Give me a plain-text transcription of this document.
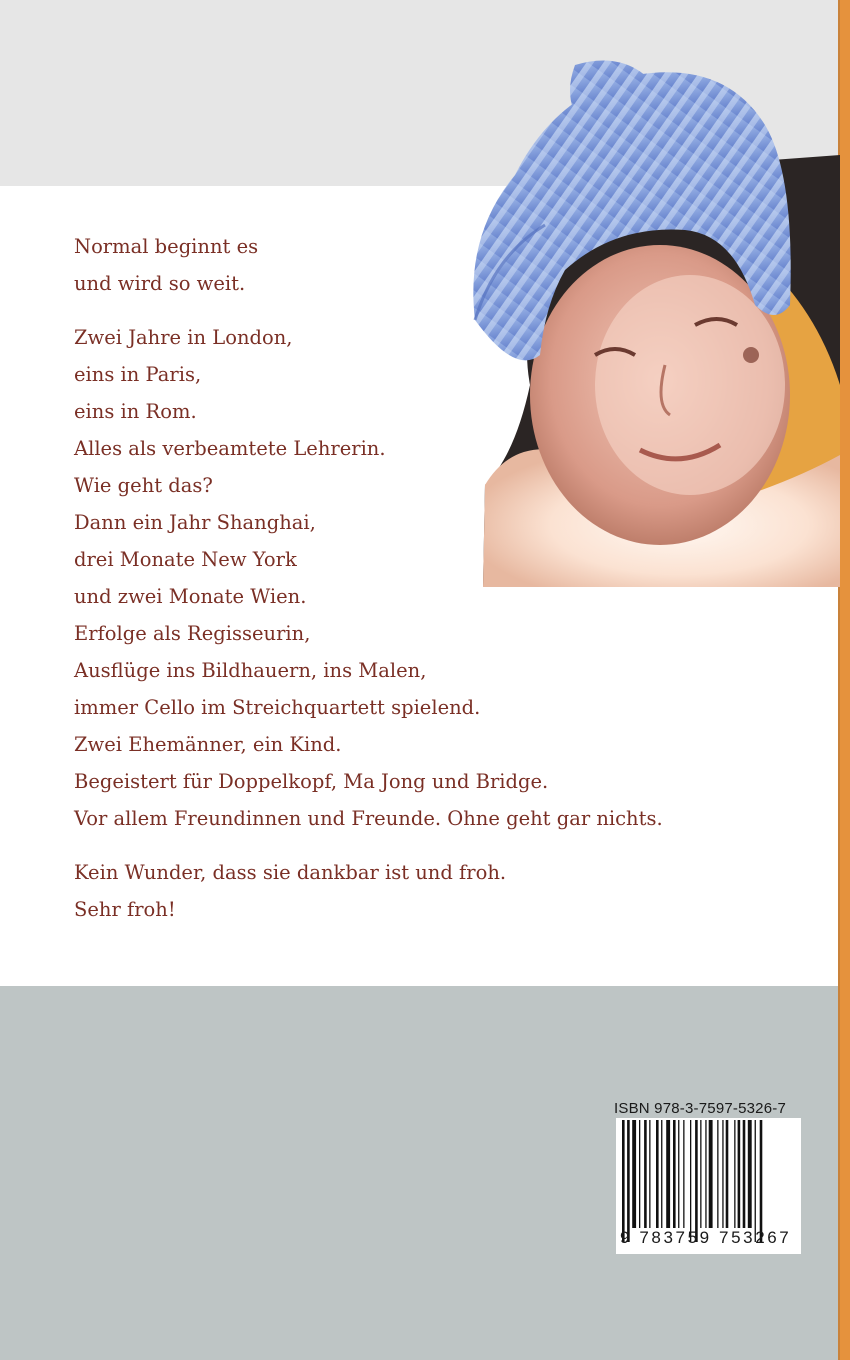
Normal beginnt es
und wird so weit.
Zwei Jahre in London,
eins in Paris,
eins in Rom.
Alles als verbeamtete Lehrerin.
Wie geht das?
Dann ein Jahr Shanghai,
drei Monate New York
und zwei Monate Wien.
Erfolge als Regisseurin,
Ausflüge ins Bildhauern, ins Malen,
immer Cello im Streichquartett spielend.
Zwei Ehemänner, ein Kind.
Begeistert für Doppelkopf, Ma Jong und Bridge.
Vor allem Freundinnen und Freunde. Ohne geht gar nichts.
Kein Wunder, dass sie dankbar ist und froh.
Sehr froh!
ISBN 978-3-7597-5326-7
9 783759 753267
